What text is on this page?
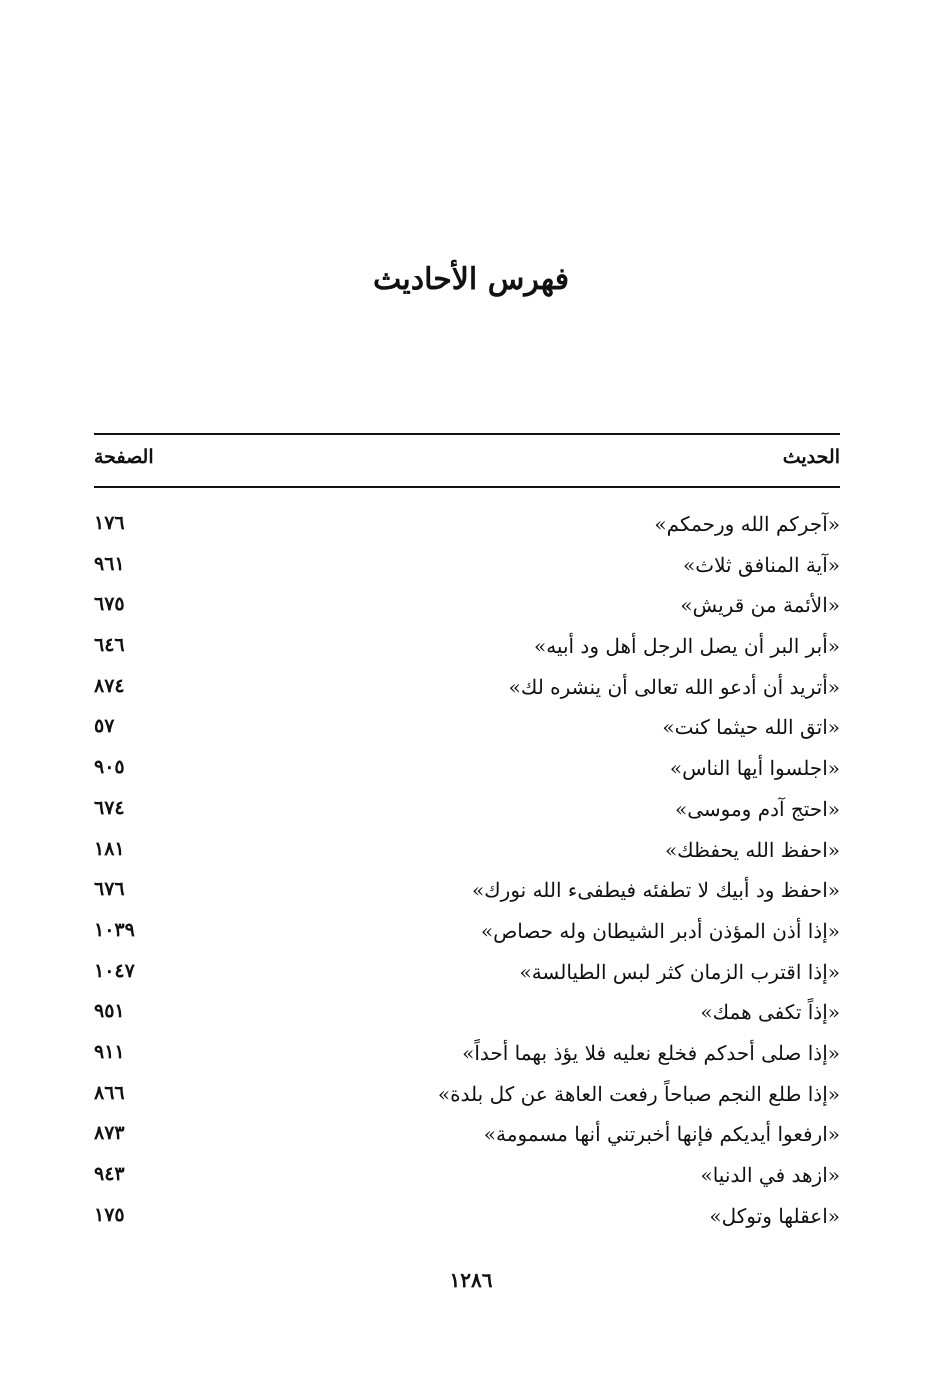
فهرس الأحاديث
الحديث
الصفحة
«آجركم الله ورحمكم»
١٧٦
«آية المنافق ثلاث»
٩٦١
«الأئمة من قريش»
٦٧٥
«أبر البر أن يصل الرجل أهل ود أبيه»
٦٤٦
«أتريد أن أدعو الله تعالى أن ينشره لك»
٨٧٤
«اتق الله حيثما كنت»
٥٧
«اجلسوا أيها الناس»
٩٠٥
«احتج آدم وموسى»
٦٧٤
«احفظ الله يحفظك»
١٨١
«احفظ ود أبيك لا تطفئه فيطفىء الله نورك»
٦٧٦
«إذا أذن المؤذن أدبر الشيطان وله حصاص»
١٠٣٩
«إذا اقترب الزمان كثر لبس الطيالسة»
١٠٤٧
«إذاً تكفى همك»
٩٥١
«إذا صلى أحدكم فخلع نعليه فلا يؤذ بهما أحداً»
٩١١
«إذا طلع النجم صباحاً رفعت العاهة عن كل بلدة»
٨٦٦
«ارفعوا أيديكم فإنها أخبرتني أنها مسمومة»
٨٧٣
«ازهد في الدنيا»
٩٤٣
«اعقلها وتوكل»
١٧٥
١٢٨٦
